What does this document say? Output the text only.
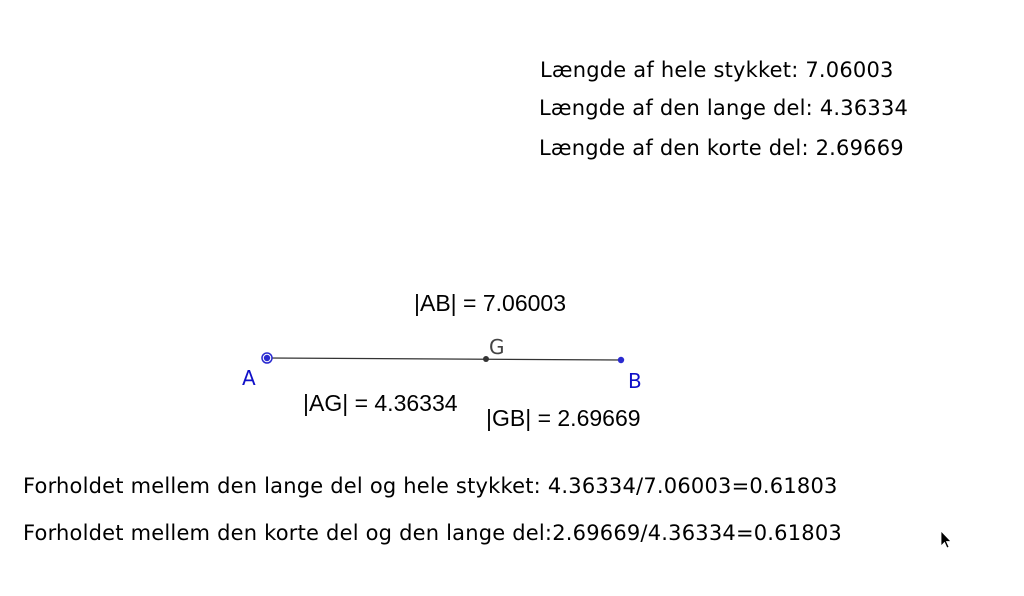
Længde af hele stykket: 7.06003
Længde af den lange del: 4.36334
Længde af den korte del: 2.69669
A	B
G
|AB| = 7.06003
|AG| = 4.36334
|GB| = 2.69669
Forholdet mellem den lange del og hele stykket: 4.36334/7.06003=0.61803
Forholdet mellem den korte del og den lange del:2.69669/4.36334=0.61803
